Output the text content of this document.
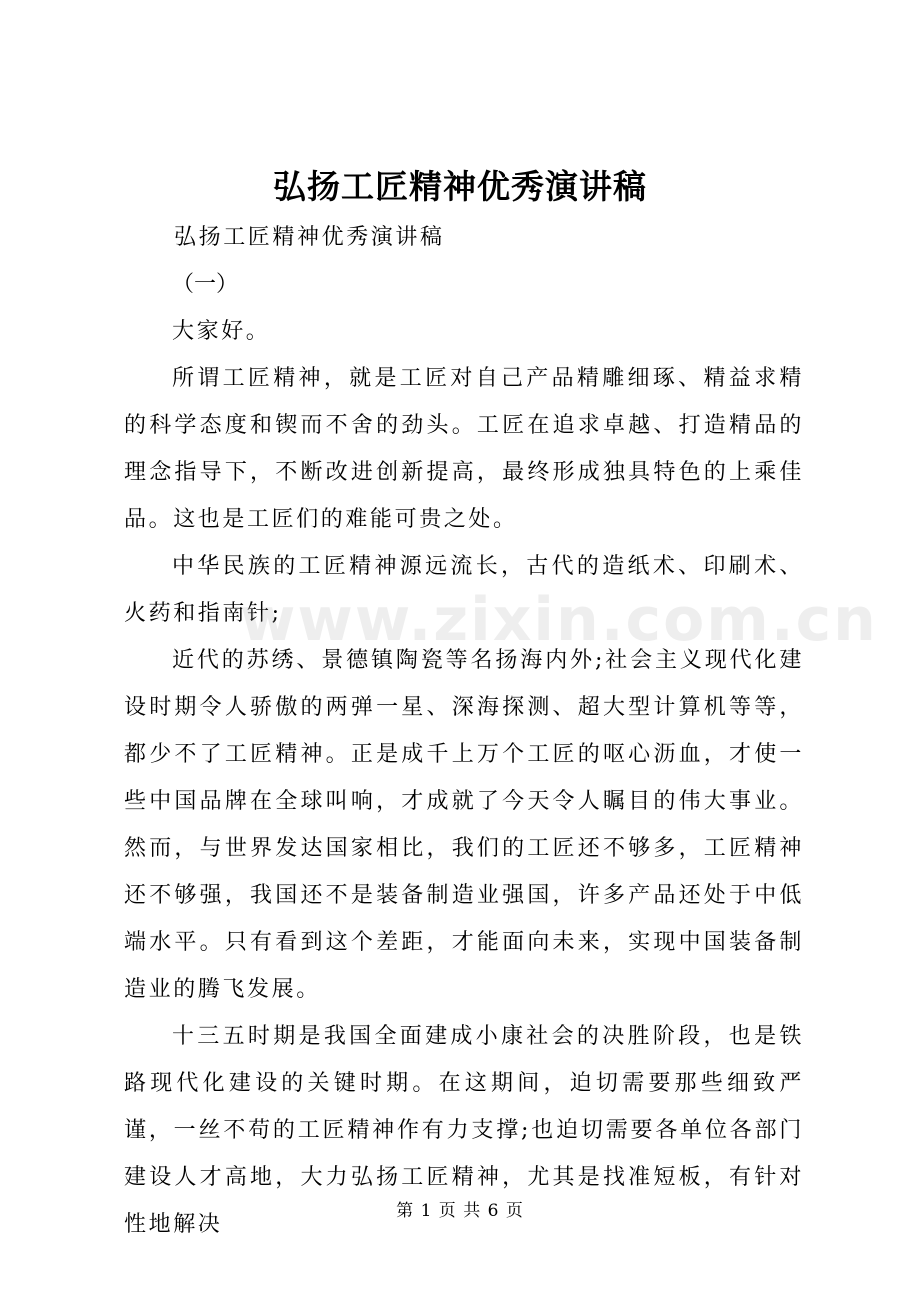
弘扬工匠精神优秀演讲稿

弘扬工匠精神优秀演讲稿

（一）

大家好。

所谓工匠精神，就是工匠对自己产品精雕细琢、精益求精的科学态度和锲而不舍的劲头。工匠在追求卓越、打造精品的理念指导下，不断改进创新提高，最终形成独具特色的上乘佳品。这也是工匠们的难能可贵之处。

中华民族的工匠精神源远流长，古代的造纸术、印刷术、火药和指南针;

近代的苏绣、景德镇陶瓷等名扬海内外;社会主义现代化建设时期令人骄傲的两弹一星、深海探测、超大型计算机等等，都少不了工匠精神。正是成千上万个工匠的呕心沥血，才使一些中国品牌在全球叫响，才成就了今天令人瞩目的伟大事业。然而，与世界发达国家相比，我们的工匠还不够多，工匠精神还不够强，我国还不是装备制造业强国，许多产品还处于中低端水平。只有看到这个差距，才能面向未来，实现中国装备制造业的腾飞发展。

十三五时期是我国全面建成小康社会的决胜阶段，也是铁路现代化建设的关键时期。在这期间，迫切需要那些细致严谨，一丝不苟的工匠精神作有力支撑;也迫切需要各单位各部门建设人才高地，大力弘扬工匠精神，尤其是找准短板，有针对性地解决

www.zixin.com.cn
第 1 页 共 6 页
